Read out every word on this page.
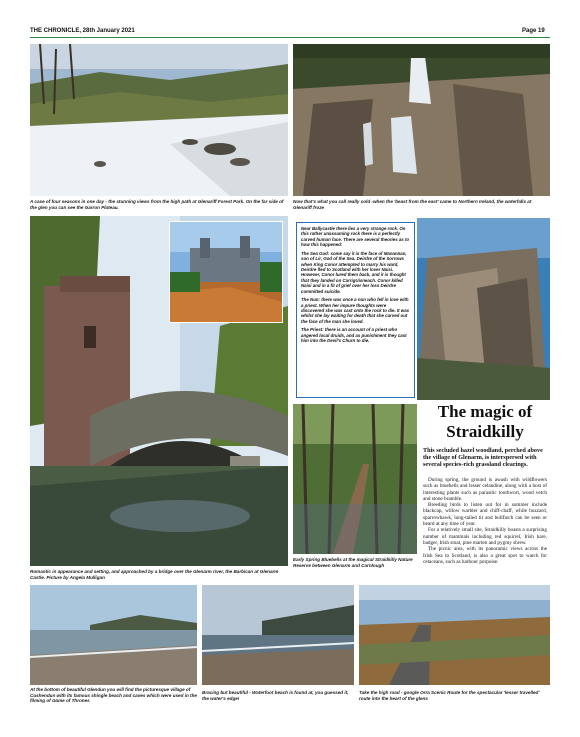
THE CHRONICLE, 28th January 2021	Page 19
A case of four seasons in one day - the stunning views from the high path at Glenariff Forest Park. On the far side of the glen you can see the Garron Plateau.
Now that's what you call really cold -when the 'beast from the east' came to Northern Ireland, the waterfalls at Glenariff froze
Romantic in appearance and setting, and approached by a bridge over the Glenarm river, the Barbican at Glenarm Castle. Picture by Angela Mulligan

Near Ballycastle there lies a very strange rock. On this rather unassuming rock there is a perfectly carved human face. There are several theories as to how this happened:

The Sea God: some say it is the face of Manannan, son of Lir, God of the Sea. Deirdre of the Sorrows when King Conor attempted to marry his ward, Deirdre fled to Scotland with her lover Naisi. However, Conor lured them back, and it is thought that they landed on CarrigUisneach. Conor killed Naisi and in a fit of grief over her loss Deirdre committed suicide.

The Nun: there was once a nun who fell in love with a priest. When her impure thoughts were discovered she was cast onto the rock to die. It was whilst she lay waiting for death that she carved out the face of the man she loved.

The Priest: there is an account of a priest who angered local druids, and as punishment they cast him into the Devil's Churn to die.

Early Spring Bluebells at the magical Straidkilly Nature Reserve between Glenarm and Carnlough
The magic of
Straidkilly
This secluded hazel woodland, perched above the village of Glenarm, is interspersed with several species-rich grassland clearings.

During spring, the ground is awash with wildflowers such as bluebells and lesser celandine, along with a host of interesting plants such as parasitic toothwort, wood vetch and stone bramble.

Breeding birds to listen out for in summer include blackcap, willow warbler and chiff-chaff, while buzzard, sparrowhawk, long-tailed tit and bullfinch can be seen or heard at any time of year.

For a relatively small site, Straidkilly boasts a surprising number of mammals including red squirrel, Irish hare, badger, Irish stoat, pine marten and pygmy shrew.

The picnic area, with its panoramic views across the Irish Sea to Scotland, is also a great spot to watch for cetaceans, such as harbour porpoise.

At the bottom of beautiful Glendun you will find the picturesque village of Cushendun with its famous shingle beach and caves which were used in the filming of Game of Thrones
Bracing but beautiful - Waterfoot beach is found at, you guessed it, the water's edge!
Take the high road - google Orra Scenic Route for the spectacular 'lesser travelled' route into the heart of the glens
